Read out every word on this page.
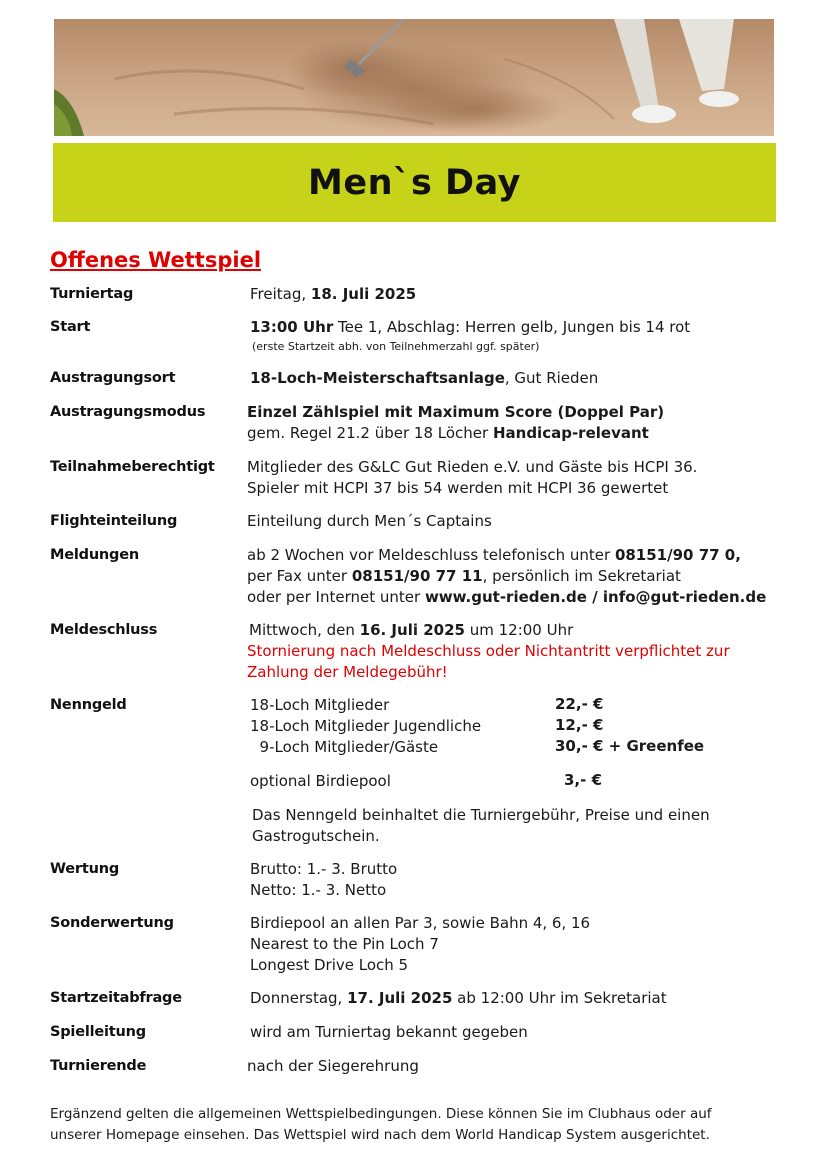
Men`s Day
Offenes Wettspiel
Turniertag	Freitag, 18. Juli 2025
Start	13:00 Uhr Tee 1, Abschlag: Herren gelb, Jungen bis 14 rot
(erste Startzeit abh. von Teilnehmerzahl ggf. später)
Austragungsort	18-Loch-Meisterschaftsanlage, Gut Rieden
Austragungsmodus	Einzel Zählspiel mit Maximum Score (Doppel Par)
gem. Regel 21.2 über 18 Löcher Handicap-relevant
Teilnahmeberechtigt Mitglieder des G&LC Gut Rieden e.V. und Gäste bis HCPI 36.
Spieler mit HCPI 37 bis 54 werden mit HCPI 36 gewertet
Flighteinteilung	Einteilung durch Men´s Captains
Meldungen	ab 2 Wochen vor Meldeschluss telefonisch unter 08151/90 77 0,
per Fax unter 08151/90 77 11, persönlich im Sekretariat
oder per Internet unter www.gut-rieden.de / info@gut-rieden.de
Meldeschluss	Mittwoch, den 16. Juli 2025 um 12:00 Uhr
Stornierung nach Meldeschluss oder Nichtantritt verpflichtet zur
Zahlung der Meldegebühr!
Nenngeld	18-Loch Mitglieder	22,- €
18-Loch Mitglieder Jugendliche	12,- €
9-Loch Mitglieder/Gäste	30,- € + Greenfee
optional Birdiepool	3,- €
Das Nenngeld beinhaltet die Turniergebühr, Preise und einen
Gastrogutschein.
Wertung	Brutto: 1.- 3. Brutto
Netto: 1.- 3. Netto
Sonderwertung	Birdiepool an allen Par 3, sowie Bahn 4, 6, 16
Nearest to the Pin Loch 7
Longest Drive Loch 5
Startzeitabfrage	Donnerstag, 17. Juli 2025 ab 12:00 Uhr im Sekretariat
Spielleitung	wird am Turniertag bekannt gegeben
Turnierende	nach der Siegerehrung
Ergänzend gelten die allgemeinen Wettspielbedingungen. Diese können Sie im Clubhaus oder auf
unserer Homepage einsehen. Das Wettspiel wird nach dem World Handicap System ausgerichtet.
